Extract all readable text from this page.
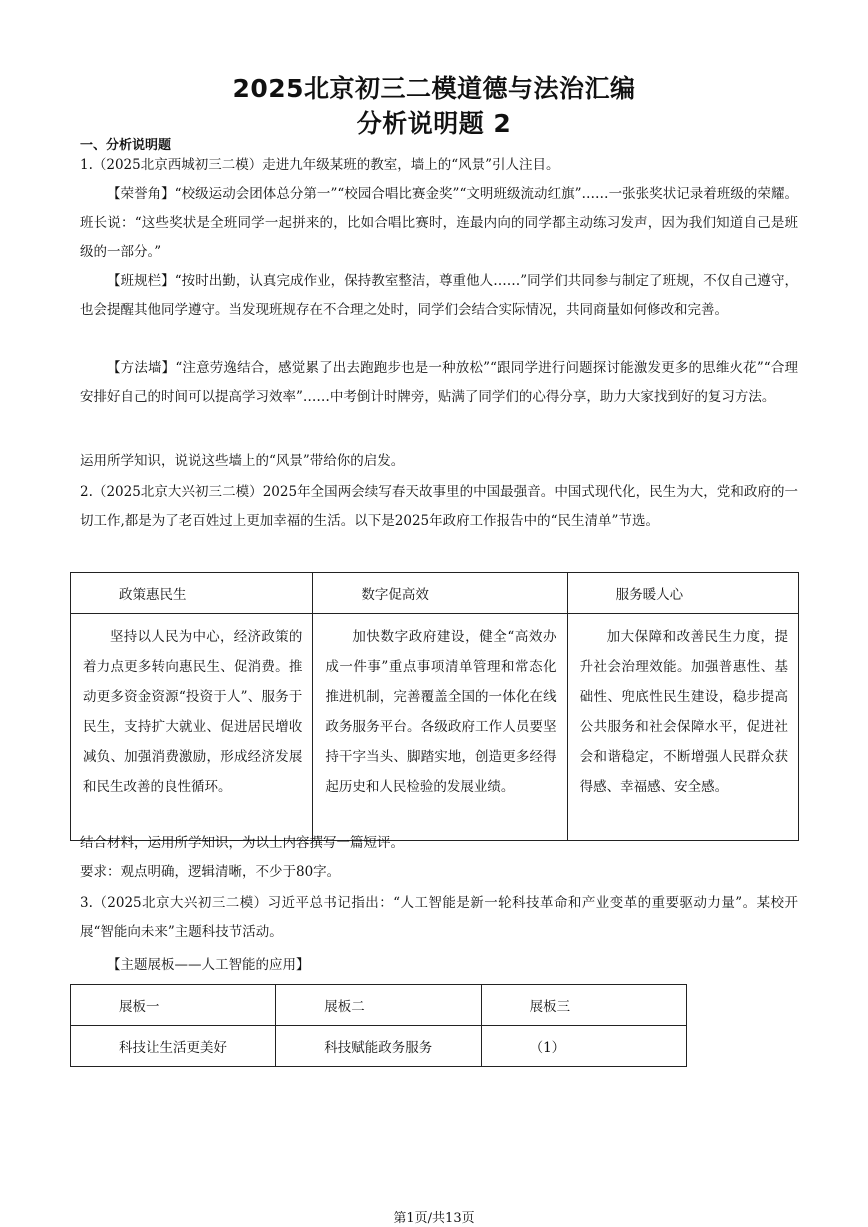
2025北京初三二模道德与法治汇编
分析说明题 2
一、分析说明题

1.（2025北京西城初三二模）走进九年级某班的教室，墙上的“风景”引人注目。

【荣誉角】“校级运动会团体总分第一”“校园合唱比赛金奖”“文明班级流动红旗”……一张张奖状记录着班级的荣耀。班长说：“这些奖状是全班同学一起拼来的，比如合唱比赛时，连最内向的同学都主动练习发声，因为我们知道自己是班级的一部分。”

【班规栏】“按时出勤，认真完成作业，保持教室整洁，尊重他人……”同学们共同参与制定了班规，不仅自己遵守，也会提醒其他同学遵守。当发现班规存在不合理之处时，同学们会结合实际情况，共同商量如何修改和完善。

【方法墙】“注意劳逸结合，感觉累了出去跑跑步也是一种放松”“跟同学进行问题探讨能激发更多的思维火花”“合理安排好自己的时间可以提高学习效率”……中考倒计时牌旁，贴满了同学们的心得分享，助力大家找到好的复习方法。

运用所学知识，说说这些墙上的“风景”带给你的启发。

2.（2025北京大兴初三二模）2025年全国两会续写春天故事里的中国最强音。中国式现代化，民生为大，党和政府的一切工作,都是为了老百姓过上更加幸福的生活。以下是2025年政府工作报告中的“民生清单”节选。

政策惠民生	数字促高效	服务暖人心

坚持以人民为中心，经济政策的着力点更多转向惠民生、促消费。推动更多资金资源“投资于人”、服务于民生，支持扩大就业、促进居民增收减负、加强消费激励，形成经济发展和民生改善的良性循环。	加快数字政府建设，健全“高效办成一件事”重点事项清单管理和常态化推进机制，完善覆盖全国的一体化在线政务服务平台。各级政府工作人员要坚持干字当头、脚踏实地，创造更多经得起历史和人民检验的发展业绩。	加大保障和改善民生力度，提升社会治理效能。加强普惠性、基础性、兜底性民生建设，稳步提高公共服务和社会保障水平，促进社会和谐稳定，不断增强人民群众获得感、幸福感、安全感。

结合材料，运用所学知识，为以上内容撰写一篇短评。

要求：观点明确，逻辑清晰，不少于80字。

3.（2025北京大兴初三二模）习近平总书记指出：“人工智能是新一轮科技革命和产业变革的重要驱动力量”。某校开展“智能向未来”主题科技节活动。

【主题展板——人工智能的应用】

展板一	展板二	展板三

科技让生活更美好	科技赋能政务服务	（1）
第1页/共13页
